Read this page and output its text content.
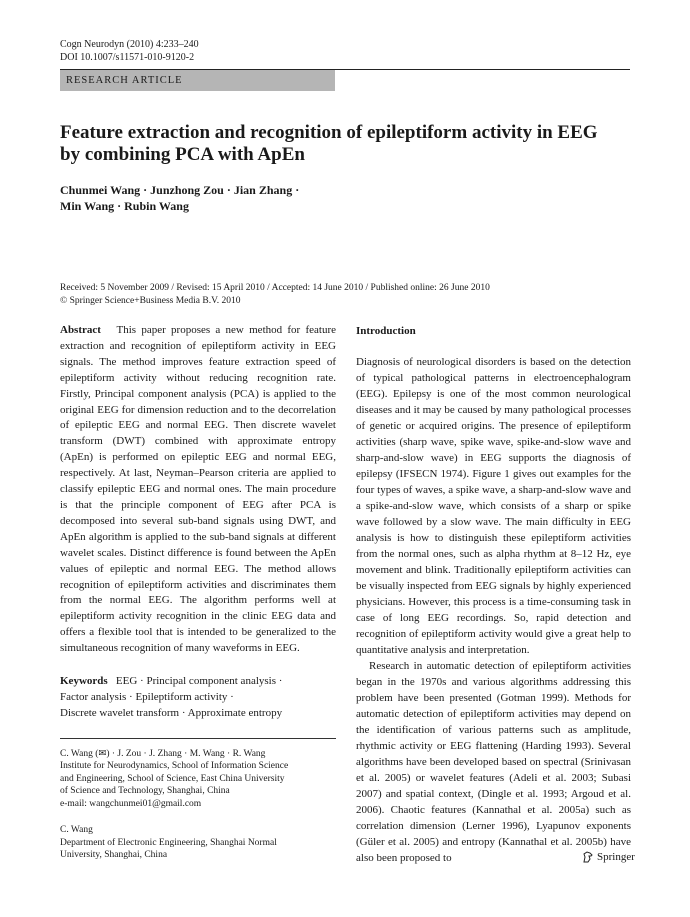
Cogn Neurodyn (2010) 4:233–240
DOI 10.1007/s11571-010-9120-2
RESEARCH ARTICLE
Feature extraction and recognition of epileptiform activity in EEG
by combining PCA with ApEn
Chunmei Wang · Junzhong Zou · Jian Zhang ·
Min Wang · Rubin Wang
Received: 5 November 2009 / Revised: 15 April 2010 / Accepted: 14 June 2010 / Published online: 26 June 2010
© Springer Science+Business Media B.V. 2010

Abstract This paper proposes a new method for feature extraction and recognition of epileptiform activity in EEG signals. The method improves feature extraction speed of epileptiform activity without reducing recognition rate. Firstly, Principal component analysis (PCA) is applied to the original EEG for dimension reduction and to the decorrelation of epileptic EEG and normal EEG. Then discrete wavelet transform (DWT) combined with approximate entropy (ApEn) is performed on epileptic EEG and normal EEG, respectively. At last, Neyman–Pearson criteria are applied to classify epileptic EEG and normal ones. The main procedure is that the principle component of EEG after PCA is decomposed into several sub-band signals using DWT, and ApEn algorithm is applied to the sub-band signals at different wavelet scales. Distinct difference is found between the ApEn values of epileptic and normal EEG. The method allows recognition of epileptiform activities and discriminates them from the normal EEG. The algorithm performs well at epileptiform activity recognition in the clinic EEG data and offers a flexible tool that is intended to be generalized to the simultaneous recognition of many waveforms in EEG.

Keywords EEG · Principal component analysis ·
Factor analysis · Epileptiform activity ·
Discrete wavelet transform · Approximate entropy
C. Wang (✉) · J. Zou · J. Zhang · M. Wang · R. Wang
Institute for Neurodynamics, School of Information Science
and Engineering, School of Science, East China University
of Science and Technology, Shanghai, China
e-mail: wangchunmei01@gmail.com
C. Wang
Department of Electronic Engineering, Shanghai Normal
University, Shanghai, China
Introduction

Diagnosis of neurological disorders is based on the detection of typical pathological patterns in electroencephalogram (EEG). Epilepsy is one of the most common neurological diseases and it may be caused by many pathological processes of genetic or acquired origins. The presence of epileptiform activities (sharp wave, spike wave, spike-and-slow wave and sharp-and-slow wave) in EEG supports the diagnosis of epilepsy (IFSECN 1974). Figure 1 gives out examples for the four types of waves, a spike wave, a sharp-and-slow wave and a spike-and-slow wave, which consists of a sharp or spike wave followed by a slow wave. The main difficulty in EEG analysis is how to distinguish these epileptiform activities from the normal ones, such as alpha rhythm at 8–12 Hz, eye movement and blink. Traditionally epileptiform activities can be visually inspected from EEG signals by highly experienced physicians. However, this process is a time-consuming task in case of long EEG recordings. So, rapid detection and recognition of epileptiform activity would give a great help to quantitative analysis and interpretation.

Research in automatic detection of epileptiform activities began in the 1970s and various algorithms addressing this problem have been presented (Gotman 1999). Methods for automatic detection of epileptiform activities may depend on the identification of various patterns such as amplitude, rhythmic activity or EEG flattening (Harding 1993). Several algorithms have been developed based on spectral (Srinivasan et al. 2005) or wavelet features (Adeli et al. 2003; Subasi 2007) and spatial context, (Dingle et al. 1993; Argoud et al. 2006). Chaotic features (Kannathal et al. 2005a) such as correlation dimension (Lerner 1996), Lyapunov exponents (Güler et al. 2005) and entropy (Kannathal et al. 2005b) have also been proposed to	Springer
